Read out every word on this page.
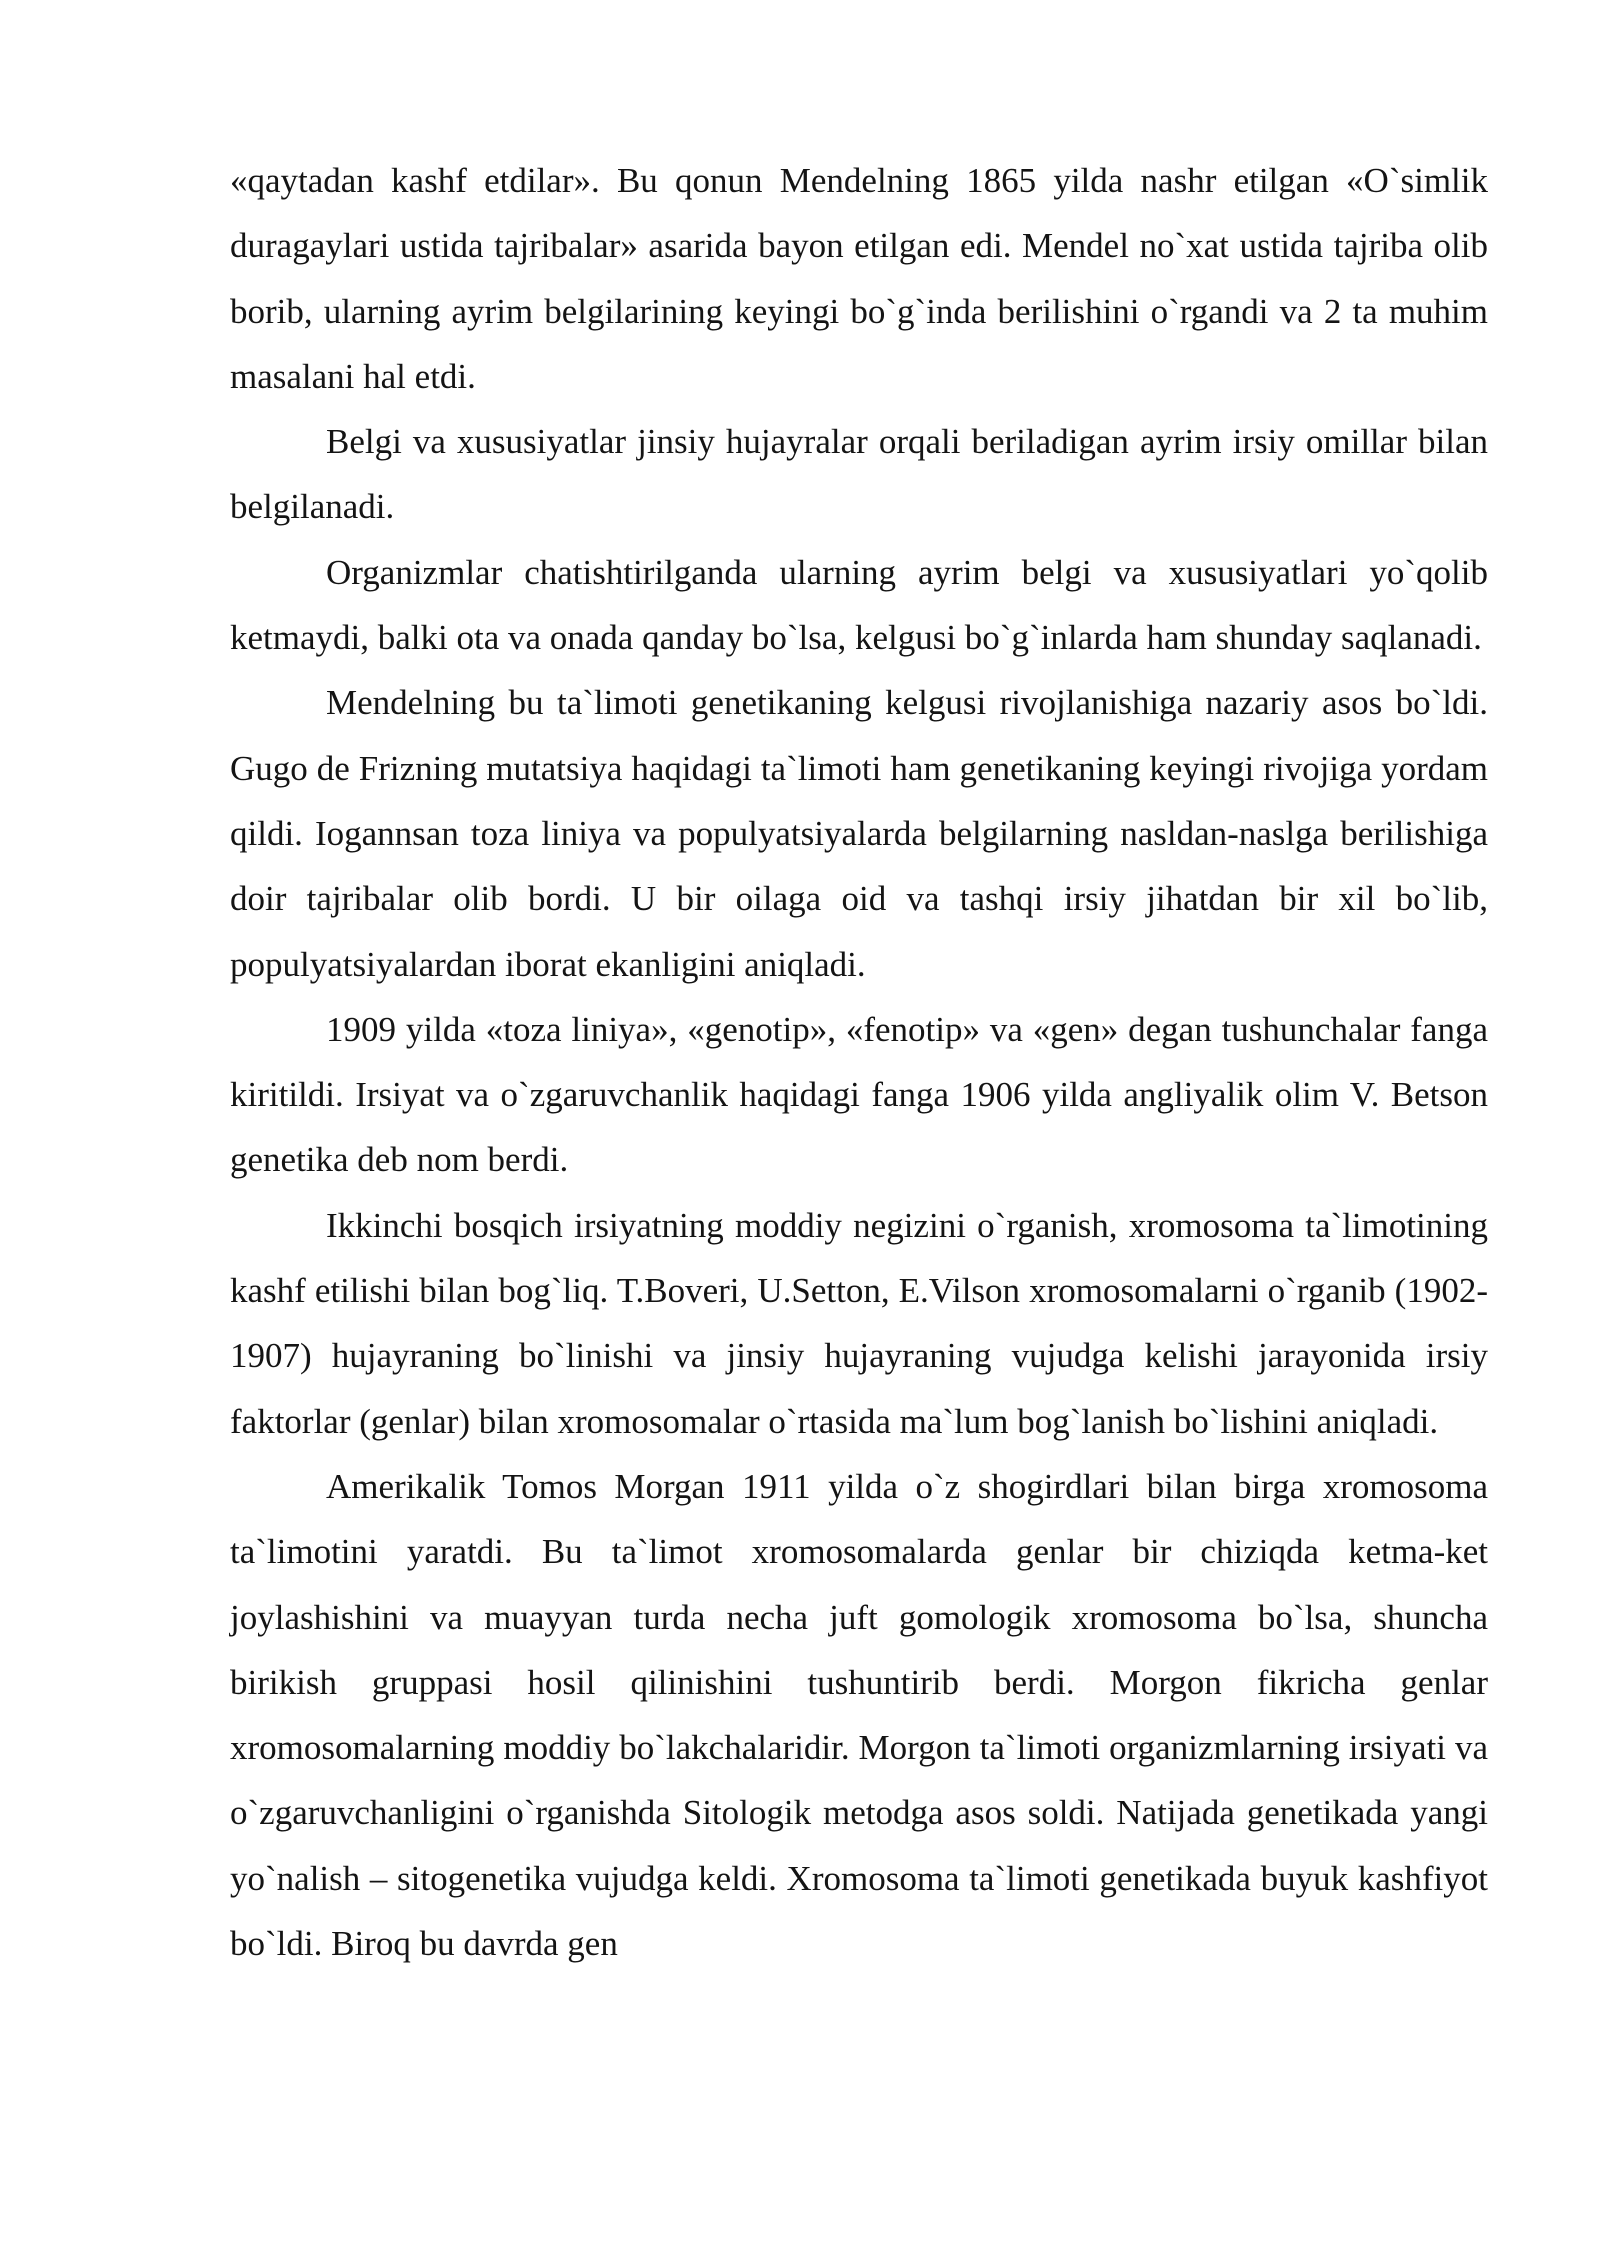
«qaytadan kashf etdilar». Bu qonun Mendelning 1865 yilda nashr etilgan «O`simlik duragaylari ustida tajribalar» asarida bayon etilgan edi. Mendel no`xat ustida tajriba olib borib, ularning ayrim belgilarining keyingi bo`g`inda berilishini o`rgandi va 2 ta muhim masalani hal etdi.

Belgi va xususiyatlar jinsiy hujayralar orqali beriladigan ayrim irsiy omillar bilan belgilanadi.

Organizmlar chatishtirilganda ularning ayrim belgi va xususiyatlari yo`qolib ketmaydi, balki ota va onada qanday bo`lsa, kelgusi bo`g`inlarda ham shunday saqlanadi.

Mendelning bu ta`limoti genetikaning kelgusi rivojlanishiga nazariy asos bo`ldi. Gugo de Frizning mutatsiya haqidagi ta`limoti ham genetikaning keyingi rivojiga yordam qildi. Iogannsan toza liniya va populyatsiyalarda belgilarning nasldan-naslga berilishiga doir tajribalar olib bordi. U bir oilaga oid va tashqi irsiy jihatdan bir xil bo`lib, populyatsiyalardan iborat ekanligini aniqladi.

1909 yilda «toza liniya», «genotip», «fenotip» va «gen» degan tushunchalar fanga kiritildi. Irsiyat va o`zgaruvchanlik haqidagi fanga 1906 yilda angliyalik olim V. Betson genetika deb nom berdi.

Ikkinchi bosqich irsiyatning moddiy negizini o`rganish, xromosoma ta`limotining kashf etilishi bilan bog`liq. T.Boveri, U.Setton, E.Vilson xromosomalarni o`rganib (1902-1907) hujayraning bo`linishi va jinsiy hujayraning vujudga kelishi jarayonida irsiy faktorlar (genlar) bilan xromosomalar o`rtasida ma`lum bog`lanish bo`lishini aniqladi.

Amerikalik Tomos Morgan 1911 yilda o`z shogirdlari bilan birga xromosoma ta`limotini yaratdi. Bu ta`limot xromosomalarda genlar bir chiziqda ketma-ket joylashishini va muayyan turda necha juft gomologik xromosoma bo`lsa, shuncha birikish gruppasi hosil qilinishini tushuntirib berdi. Morgon fikricha genlar xromosomalarning moddiy bo`lakchalaridir. Morgon ta`limoti organizmlarning irsiyati va o`zgaruvchanligini o`rganishda Sitologik metodga asos soldi. Natijada genetikada yangi yo`nalish – sitogenetika vujudga keldi. Xromosoma ta`limoti genetikada buyuk kashfiyot bo`ldi. Biroq bu davrda gen
